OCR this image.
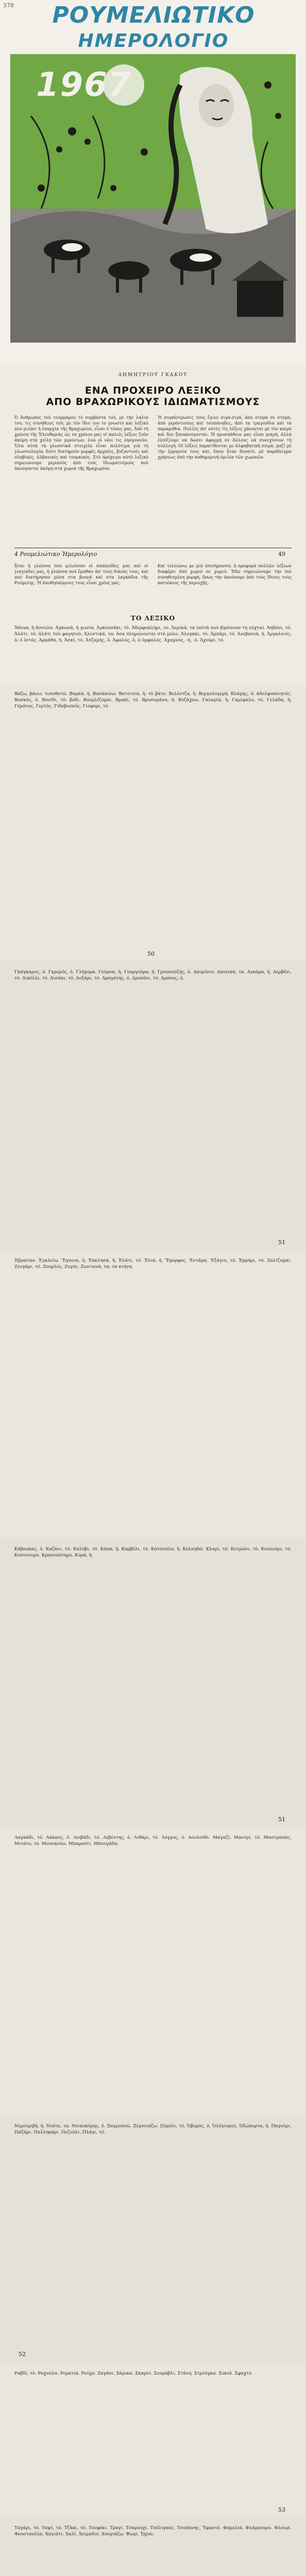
378	ΡΟΥΜΕΛΙΩΤΙΚΟ
ΗΜΕΡΟΛΟΓΙΟ
1967
ΔΗΜΗΤΡΙΟΥ ΓΚΑΚΟΥ
ΕΝΑ ΠΡΟΧΕΙΡΟ ΛΕΞΙΚΟ
ΑΠΟ ΒΡΑΧΩΡΙΚΟΥΣ ΙΔΙΩΜΑΤΙΣΜΟΥΣ
Ὁ ἄνθρωπος τοῦ τουρμάρου τὸ συμβάντα τοῦ, μὲ τὴν λαλιά του, τις συνήθειες τοῦ, με τὸν ἴδιο του το γνωστό και λεξικό που μιλάει ἡ ἐπαρχία τῆς Βραχωρίου, εἶναι ὁ τόπος μας. Ἀπὸ τὴ χρόνια τῆς Ἐλευθεριᾶς ὡς τα χρόνια μας οἱ παλιές λέξεις ζοῦν ἀκόμη στὰ χείλη τῶν γερόντων, ἐνῶ οἱ νέοι τις λησμονοῦν. Ὅλα αὐτά τὰ γλωσσικά στοιχεῖα εἶναι πολύτιμα γιὰ τὴ γλωσσολογία, διότι διατηροῦν μορφές ἀρχαῖες, βυζαντινές καὶ σλαβικές, ἀλβανικές καὶ τουρκικές. Στὸ πρόχειρο αὐτὸ λεξικό σημειώνουμε μερικούς ἀπὸ τοὺς ἰδιωματισμούς πού ἀκούγονται ἀκόμη στὰ χωριά τῆς Βραχωρίου.
Ἡ συγκέντρωσις τους ἔγινε σιγά-σιγά, ἀπὸ στόμα σε στόμα, ἀπὸ γερόντισσες καὶ τσοπάνηδες, ἀπὸ τα τραγούδια καὶ τὰ παραμύθια. Πολλές ἀπ' αὐτές τὶς λέξεις χάνονται μὲ τὸν καιρό καὶ δεν ξανακούγονται. Ἡ προσπάθεια μας εἶναι μικρή, ἀλλὰ ἐλπίζουμε νὰ δώσει ἀφορμή σε ἄλλους νὰ συνεχίσουν τὴ συλλογή. Οἱ λέξεις παρατίθενται με ἀλφαβητική σειρά, μαζί μὲ τὴν ἑρμηνεία τους καὶ, ὅπου ἦταν δυνατό, μὲ παράδειγμα χρήσεως ἀπὸ τὴν καθημερινή ὁμιλία τῶν χωρικῶν.
4 Ρουμελιώτικο Ἡμερολόγιο	49
ἦταν ἡ γλῶσσα πού μιλοῦσαν οἱ παπποῦδες μας καὶ οἱ γιαγιάδες μας, ἡ γλῶσσα πού ἔμαθαν ἀπ' τους δικούς τους, καὶ πού διατήρησαν μέσα στα βουνά καὶ στα λαγκάδια τῆς Ρούμελης. Ἡ ἀποθησαύρισις τους εἶναι χρέος μας.
Καὶ τελειώνω με μιὰ ἐπισήμανση: ἡ προφορά πολλῶν λέξεων διαφέρει ἀπὸ χωριό σε χωριό. Ἐδῶ σημειώνουμε τὴν πιὸ συνηθισμένη μορφή, ὅπως τὴν ἀκούσαμε ἀπὸ τοὺς ἴδιους τοὺς κατοίκους τῆς περιοχῆς.
ΤΟ ΛΕΞΙΚΟ
Ἄδουα, ἡ ἄσουλα. Ἀγκωνᾶ, ἡ γωνία. Ἀγκουσάκι, τὸ. Ἀδερφοκλήρι, το. Ἀερικά, τα (αὐτὰ πού βγαίνουν τη νύχτα). Ἀηδόνι, τό. Ἀλάτι, τό: ἀλάτι τοῦ φαγητοῦ. Ἀλεστικά, τα: ὅσα πληρώνονται στὸ μύλο. Ἀλογάκι, τό. Ἀμπάρι, τό. Ἀνεβασιά, ἡ. Ἀργαλειός, ὁ: ὁ ἱστός. Ἀρμάθα, ἡ. Ἀσκί, τό. Ἀτζαμής, ὁ. Ἀφαλός, ὁ, ὁ ὀμφαλός. Ἀχαμνός, -ή, -ό. Ἀχούρι, τό.
Βάζω, βάνω: τοποθετῶ. Βαρκά, ἡ. Βασκαίνω. Βατσινιά, ἡ: τὸ βάτο. Βελέντζα, ἡ. Βεργολυγερή. Βλάμης, ὁ: ἀδελφοποιητός. Βοσκός, ὁ. Βουίδι, τό: βόδι. Βουρλίζομαι. Βρακί, τό. Βρυσομάνα, ἡ. Βυζάχνω. Γαλαρία, ἡ. Γαρίφαλο, τό. Γελάδα, ἡ. Γεμάτος. Γερτός. Γιδοβοσκός. Γιοφύρι, τό.
50
Γκάγκαρος, ὁ. Γκρεμός, ὁ. Γλήγορα. Γούρνα, ἡ. Γουργούρα, ἡ. Γρουσούζης, ὁ. Δαιμόνιο. Δανεικά, τα. Δεκάρα, ἡ. Δερβένι, τό. Δικέλλι, τό. Δισάκι, τό. Δοξάρι, τό. Δραγάτης, ὁ. Δρεπάνι, τό. Δρόσος, ὁ.
51
Ἑβραίικο. Ἐγκλείω. Ἔγνοια, ἡ. Ἐκκλησά, ἡ. Ἐλάτι, τό. Ἐλιά, ἡ. Ἔμορφος. Ἐντάμα. Ἐξάγιο, τό. Ἐρμάρι, τό. Ζαλίζομαι. Ζευγάρι, τό. Ζουρλός. Ζυγός. Ζωντανά, τα: τα κτήνη.
Κάβουκας, ὁ. Καζάνι, τό. Καλύβι, τό. Κάπα, ἡ. Καρβέλι, τό. Κατσούλα, ἡ. Κελαηδῶ. Κλαρί, τό. Κοτρώνι, τό. Κουλούρι, τό. Κούτσουρο. Κρασοπότηρο. Κυρά, ἡ.
51
Λαγκάδι, τό. Λάκκος, ὁ. Λειβάδι, τό. Λεβέντης, ὁ. Λιθάρι, τό. Λόγγος, ὁ. Λουλούδι. Μαγαζί. Μαντρί, τό. Μαστραπάς. Μιτάτο, τό. Μουσκεύω. Μπαρούτι. Μπουγάδα.
Νεροτριβή, ἡ. Νιάτα, τα. Νοικοκύρης, ὁ. Ξαγρυπνῶ. Ξεγνοιάζω. Ξόμπλι, τό. Ὀβορός, ὁ. Ὁλόγιομος. Ὀξώπορτα, ἡ. Παγούρι. Παζάρι. Παλληκάρι. Πεζούλι. Πλάγι, τό.
52
Ραβδί, τό. Ραχούλα. Ρεματιά. Ρούχο. Σαγάνι. Σάρικα. Σκαμνί. Σουράβλι. Στάνη. Στρούγκα. Συκιά. Σφαχτό.
53
Ταγάρι, τό. Ταψί, τό. Τζάκι, τό. Τουφέκι. Τραγί. Τσαρούχι. Τσέλιγκας. Τσοπάνης. Ὑφαντό. Φαμελιά. Φλάμπουρο. Φλουρί. Φουστανέλα. Χαγιάτι. Χαλί. Χειμαδιό. Χουγιάζω. Ψωμί. Ὤχου.
